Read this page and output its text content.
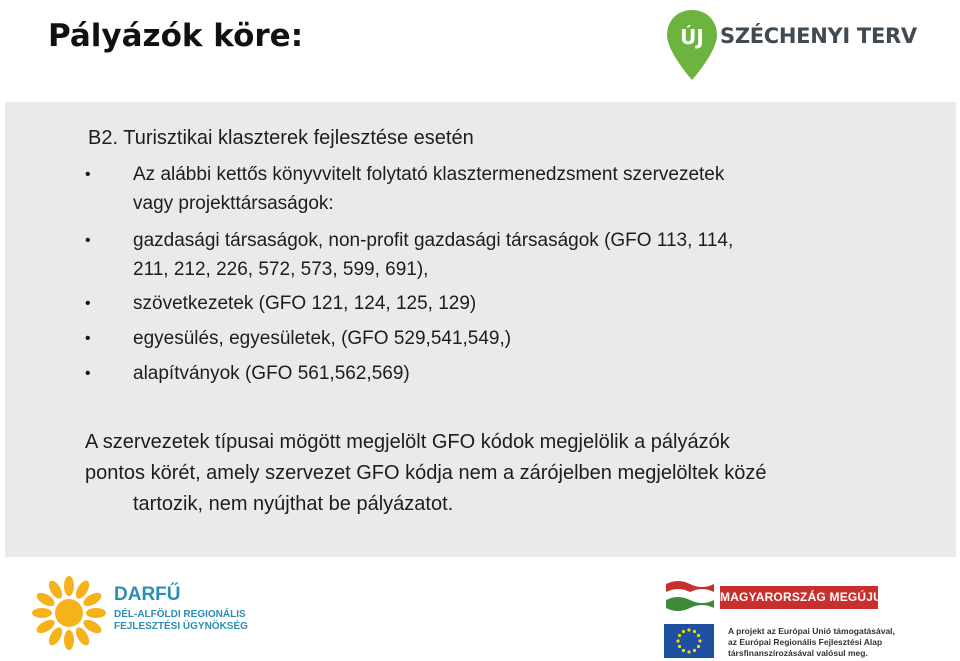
Pályázók köre:	ÚJ SZÉCHENYI TERV
B2. Turisztikai klaszterek fejlesztése esetén
•	Az alábbi kettős könyvvitelt folytató klasztermenedzsment szervezetek
vagy projekttársaságok:
•	gazdasági társaságok, non-profit gazdasági társaságok (GFO 113, 114,
211, 212, 226, 572, 573, 599, 691),
•	szövetkezetek (GFO 121, 124, 125, 129)
•	egyesülés, egyesületek, (GFO 529,541,549,)
•	alapítványok (GFO 561,562,569)

A szervezetek típusai mögött megjelölt GFO kódok megjelölik a pályázók
pontos körét, amely szervezet GFO kódja nem a zárójelben megjelöltek közé

tartozik, nem nyújthat be pályázatot.

DARFŰ
DÉL-ALFÖLDI REGIONÁLIS
FEJLESZTÉSI ÜGYNÖKSÉG
MAGYARORSZÁG MEGÚJUL
A projekt az Európai Unió támogatásával,
az Európai Regionális Fejlesztési Alap
társfinanszírozásával valósul meg.
